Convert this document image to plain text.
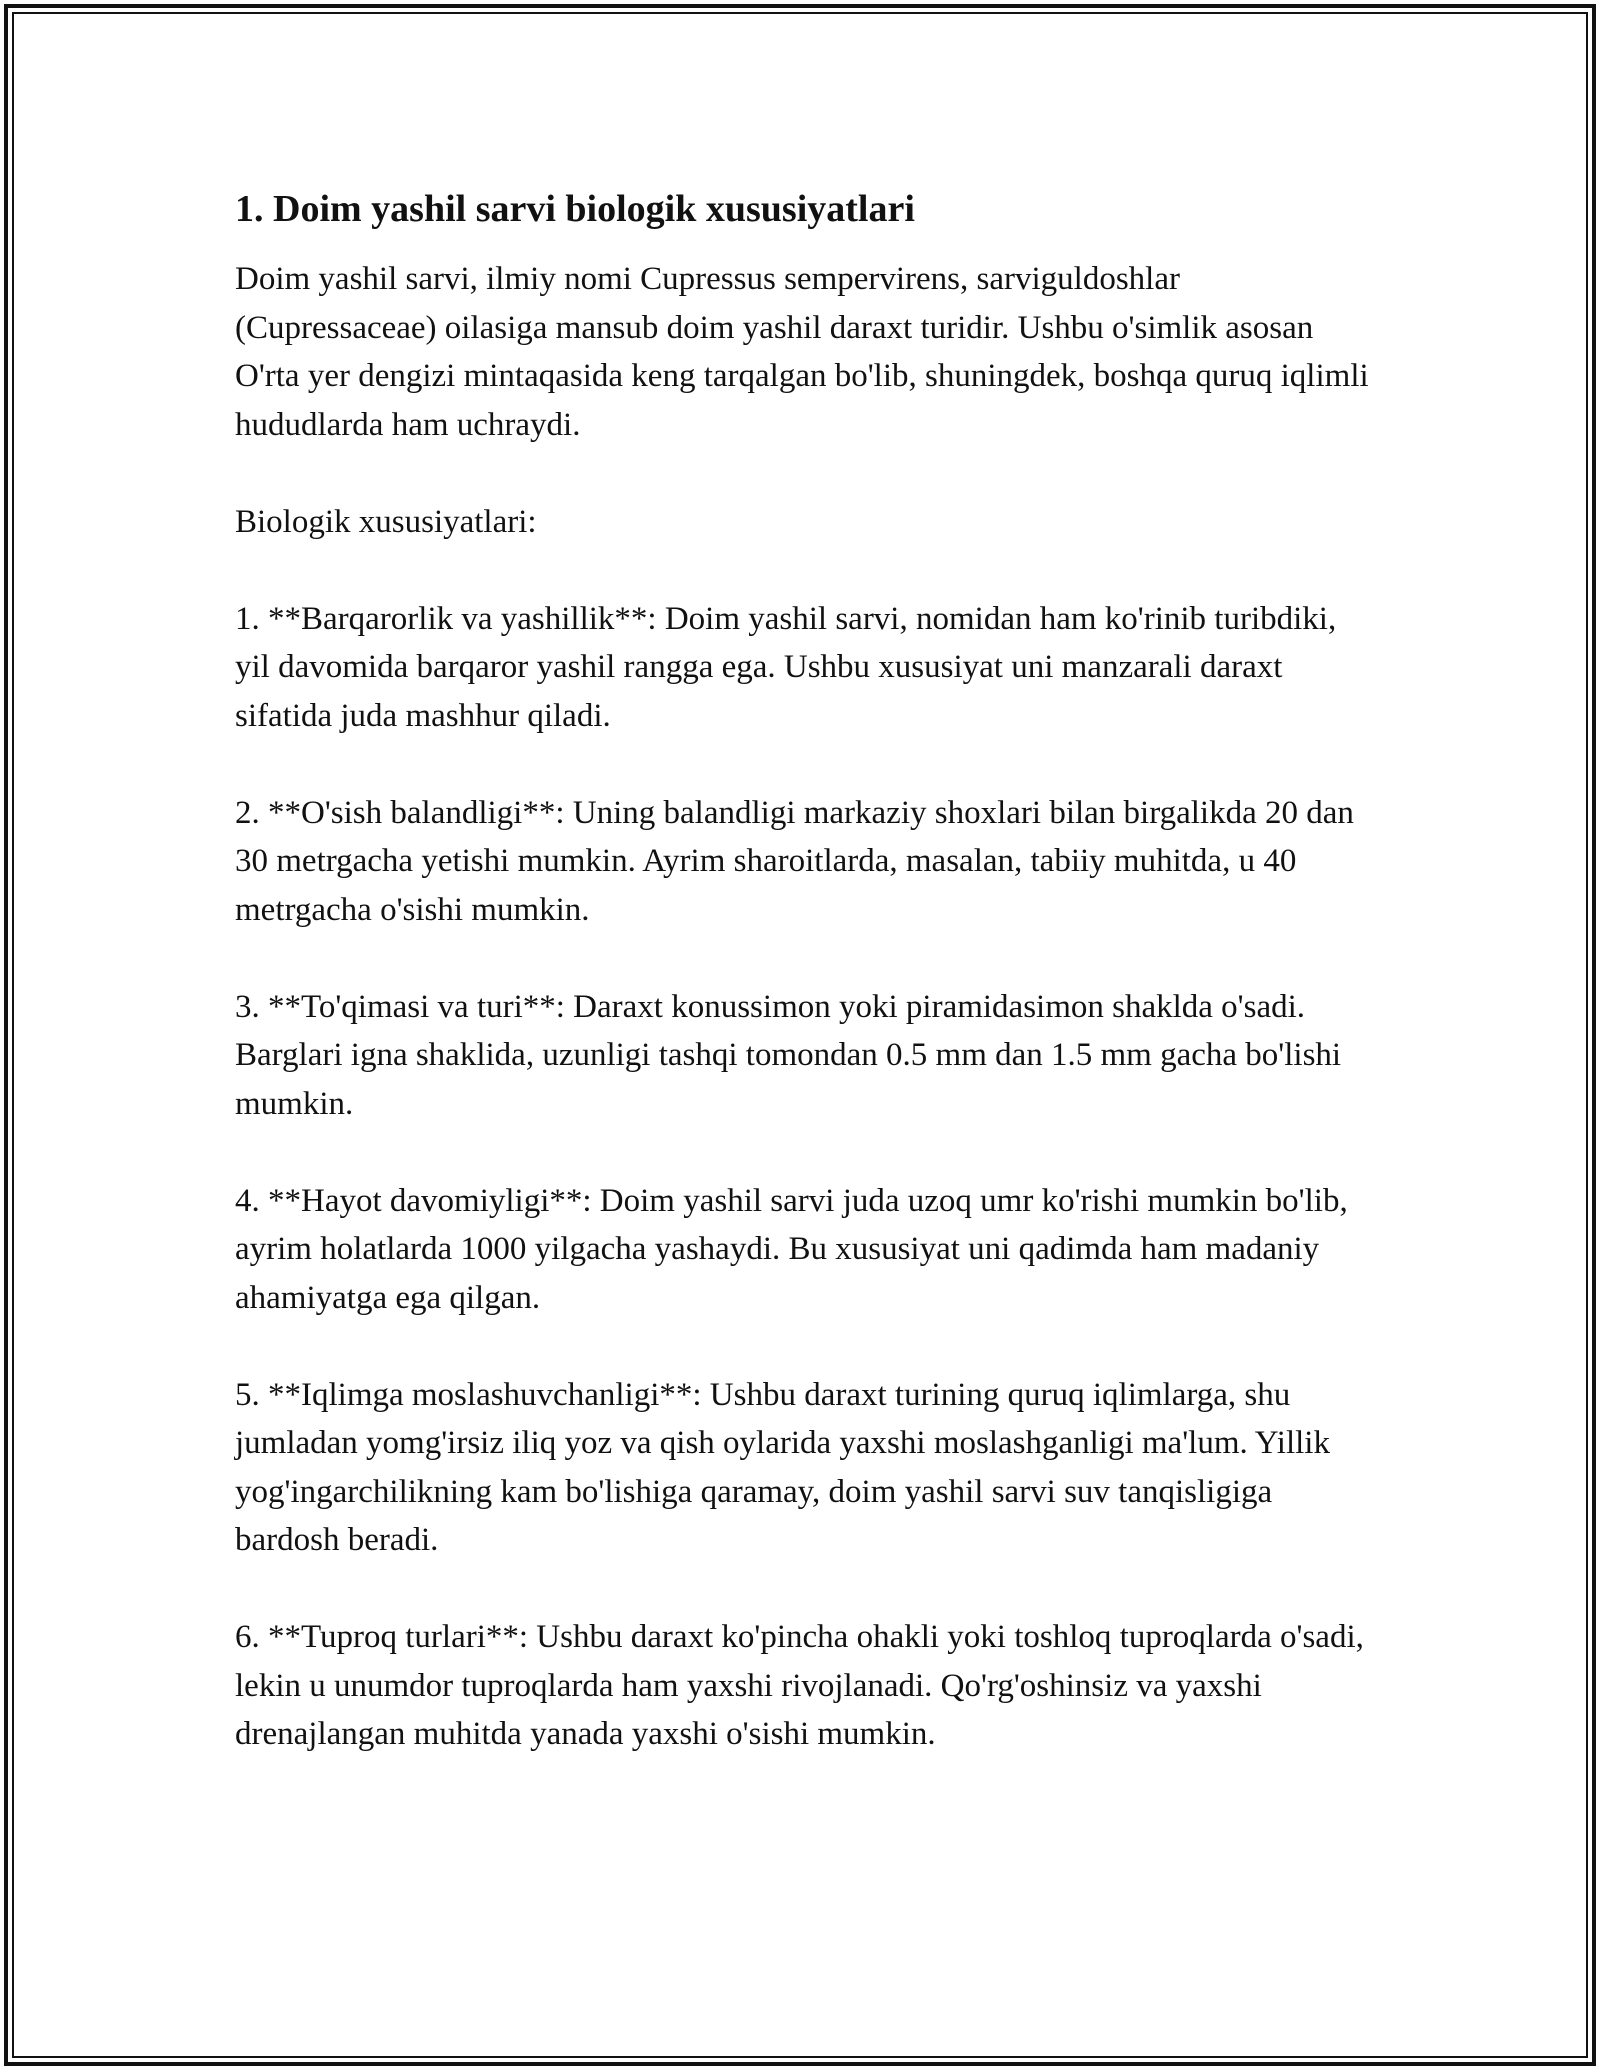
1. Doim yashil sarvi biologik xususiyatlari

Doim yashil sarvi, ilmiy nomi Cupressus sempervirens, sarviguldoshlar (Cupressaceae) oilasiga mansub doim yashil daraxt turidir. Ushbu o'simlik asosan O'rta yer dengizi mintaqasida keng tarqalgan bo'lib, shuningdek, boshqa quruq iqlimli hududlarda ham uchraydi.

Biologik xususiyatlari:

1. **Barqarorlik va yashillik**: Doim yashil sarvi, nomidan ham ko'rinib turibdiki, yil davomida barqaror yashil rangga ega. Ushbu xususiyat uni manzarali daraxt sifatida juda mashhur qiladi.

2. **O'sish balandligi**: Uning balandligi markaziy shoxlari bilan birgalikda 20 dan 30 metrgacha yetishi mumkin. Ayrim sharoitlarda, masalan, tabiiy muhitda, u 40 metrgacha o'sishi mumkin.

3. **To'qimasi va turi**: Daraxt konussimon yoki piramidasimon shaklda o'sadi. Barglari igna shaklida, uzunligi tashqi tomondan 0.5 mm dan 1.5 mm gacha bo'lishi mumkin.

4. **Hayot davomiyligi**: Doim yashil sarvi juda uzoq umr ko'rishi mumkin bo'lib, ayrim holatlarda 1000 yilgacha yashaydi. Bu xususiyat uni qadimda ham madaniy ahamiyatga ega qilgan.

5. **Iqlimga moslashuvchanligi**: Ushbu daraxt turining quruq iqlimlarga, shu jumladan yomg'irsiz iliq yoz va qish oylarida yaxshi moslashganligi ma'lum. Yillik yog'ingarchilikning kam bo'lishiga qaramay, doim yashil sarvi suv tanqisligiga bardosh beradi.

6. **Tuproq turlari**: Ushbu daraxt ko'pincha ohakli yoki toshloq tuproqlarda o'sadi, lekin u unumdor tuproqlarda ham yaxshi rivojlanadi. Qo'rg'oshinsiz va yaxshi drenajlangan muhitda yanada yaxshi o'sishi mumkin.
